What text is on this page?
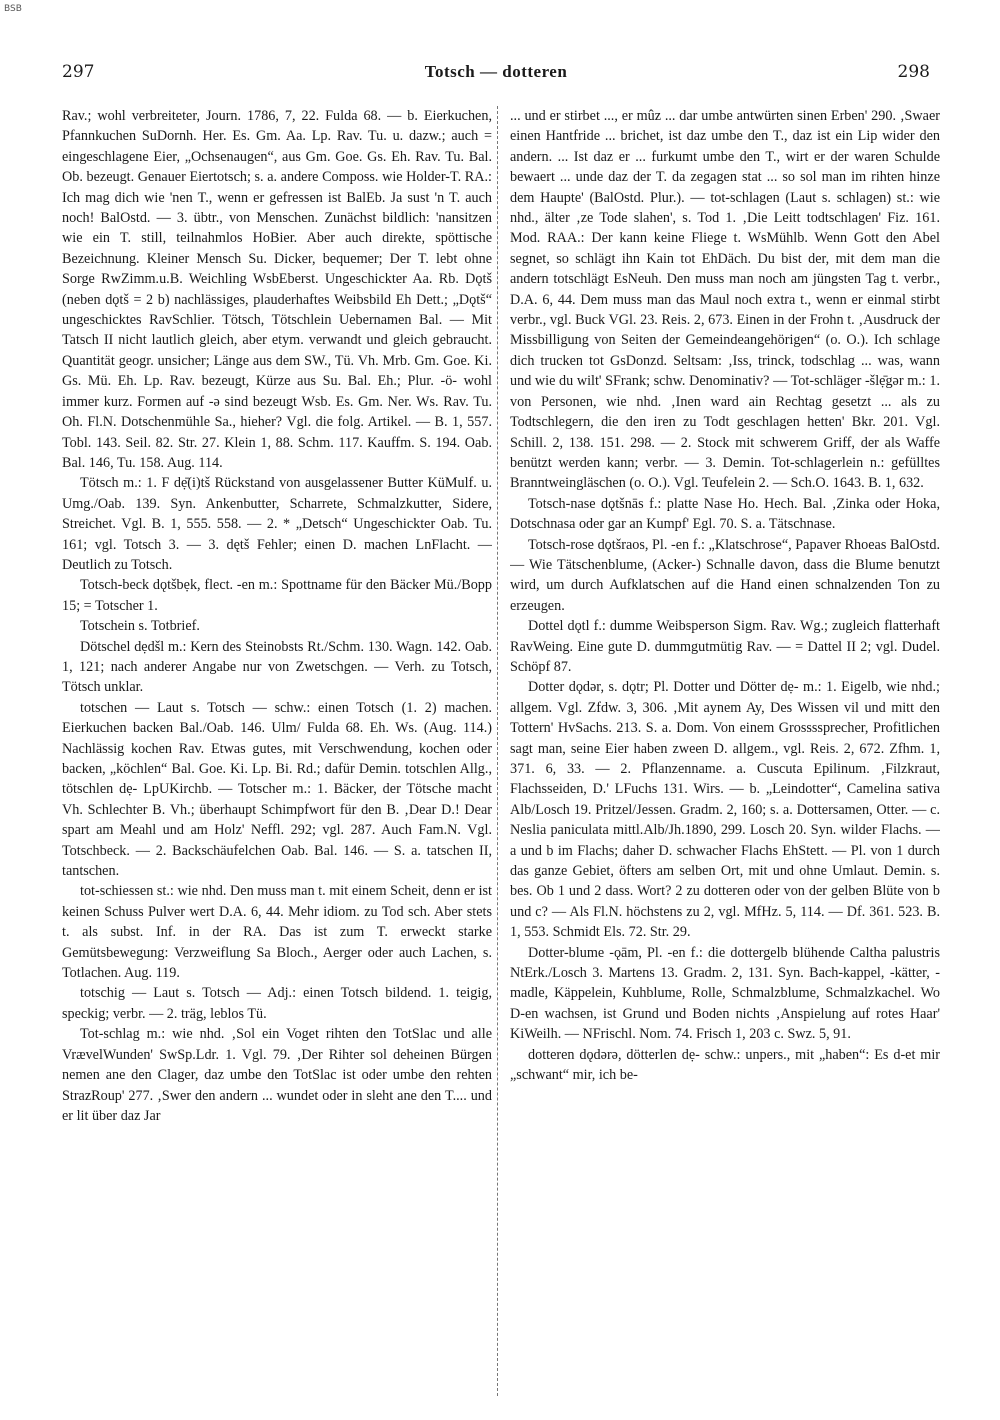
BSB
297	Totsch — dotteren	298

Rav.; wohl verbreiteter, Journ. 1786, 7, 22. Fulda 68. — b. Eierkuchen, Pfannkuchen SuDornh. Her. Es. Gm. Aa. Lp. Rav. Tu. u. dazw.; auch = eingeschlagene Eier, „Ochsenaugen“, aus Gm. Goe. Gs. Eh. Rav. Tu. Bal. Ob. bezeugt. Genauer Eiertotsch; s. a. andere Composs. wie Holder-T. RA.: Ich mag dich wie 'nen T., wenn er gefressen ist BalEb. Ja sust 'n T. auch noch! BalOstd. — 3. übtr., von Menschen. Zunächst bildlich: 'nansitzen wie ein T. still, teilnahmlos HoBier. Aber auch direkte, spöttische Bezeichnung. Kleiner Mensch Su. Dicker, bequemer; Der T. lebt ohne Sorge RwZimm.u.B. Weichling WsbEberst. Ungeschickter Aa. Rb. Dǫtš (neben dǫtš = 2 b) nachlässiges, plauderhaftes Weibsbild Eh Dett.; „Dǫtš“ ungeschicktes RavSchlier. Tötsch, Tötschlein Uebernamen Bal. — Mit Tatsch II nicht lautlich gleich, aber etym. verwandt und gleich gebraucht. Quantität geogr. unsicher; Länge aus dem SW., Tü. Vh. Mrb. Gm. Goe. Ki. Gs. Mü. Eh. Lp. Rav. bezeugt, Kürze aus Su. Bal. Eh.; Plur. -ö- wohl immer kurz. Formen auf -ə sind bezeugt Wsb. Es. Gm. Ner. Ws. Rav. Tu. Oh. Fl.N. Dotschenmühle Sa., hieher? Vgl. die folg. Artikel. — B. 1, 557. Tobl. 143. Seil. 82. Str. 27. Klein 1, 88. Schm. 117. Kauffm. S. 194. Oab. Bal. 146, Tu. 158. Aug. 114.

Tötsch m.: 1. F dẹ̄(i)tš Rückstand von ausgelassener Butter KüMulf. u. Umg./Oab. 139. Syn. Ankenbutter, Scharrete, Schmalzkutter, Sidere, Streichet. Vgl. B. 1, 555. 558. — 2. * „Detsch“ Ungeschickter Oab. Tu. 161; vgl. Totsch 3. — 3. dętš Fehler; einen D. machen LnFlacht. — Deutlich zu Totsch.

Totsch-beck dǫtšbẹk, flect. -en m.: Spottname für den Bäcker Mü./Bopp 15; = Totscher 1.

Totschein s. Totbrief.

Dötschel dẹdšl m.: Kern des Steinobsts Rt./Schm. 130. Wagn. 142. Oab. 1, 121; nach anderer Angabe nur von Zwetschgen. — Verh. zu Totsch, Tötsch unklar.

totschen — Laut s. Totsch — schw.: einen Totsch (1. 2) machen. Eierkuchen backen Bal./Oab. 146. Ulm/ Fulda 68. Eh. Ws. (Aug. 114.) Nachlässig kochen Rav. Etwas gutes, mit Verschwendung, kochen oder backen, „köchlen“ Bal. Goe. Ki. Lp. Bi. Rd.; dafür Demin. totschlen Allg., tötschlen dẹ- LpUKirchb. — Totscher m.: 1. Bäcker, der Tötsche macht Vh. Schlechter B. Vh.; überhaupt Schimpfwort für den B. ‚Dear D.! Dear spart am Meahl und am Holz' Neffl. 292; vgl. 287. Auch Fam.N. Vgl. Totschbeck. — 2. Backschäufelchen Oab. Bal. 146. — S. a. tatschen II, tantschen.

tot-schiessen st.: wie nhd. Den muss man t. mit einem Scheit, denn er ist keinen Schuss Pulver wert D.A. 6, 44. Mehr idiom. zu Tod sch. Aber stets t. als subst. Inf. in der RA. Das ist zum T. erweckt starke Gemütsbewegung: Verzweiflung Sa Bloch., Aerger oder auch Lachen, s. Totlachen. Aug. 119.

totschig — Laut s. Totsch — Adj.: einen Totsch bildend. 1. teigig, speckig; verbr. — 2. träg, leblos Tü.

Tot-schlag m.: wie nhd. ‚Sol ein Voget rihten den TotSlac und alle VrævelWunden' SwSp.Ldr. 1. Vgl. 79. ‚Der Rihter sol deheinen Bürgen nemen ane den Clager, daz umbe den TotSlac ist oder umbe den rehten StrazRoup' 277. ‚Swer den andern ... wundet oder in sleht ane den T.... und er lit über daz Jar

... und er stirbet ..., er mûz ... dar umbe antwürten sinen Erben' 290. ‚Swaer einen Hantfride ... brichet, ist daz umbe den T., daz ist ein Lip wider den andern. ... Ist daz er ... furkumt umbe den T., wirt er der waren Schulde bewaert ... unde daz der T. da zegagen stat ... so sol man im rihten hinze dem Haupte' (BalOstd. Plur.). — tot-schlagen (Laut s. schlagen) st.: wie nhd., älter ‚ze Tode slahen', s. Tod 1. ‚Die Leitt todtschlagen' Fiz. 161. Mod. RAA.: Der kann keine Fliege t. WsMühlb. Wenn Gott den Abel segnet, so schlägt ihn Kain tot EhDäch. Du bist der, mit dem man die andern totschlägt EsNeuh. Den muss man noch am jüngsten Tag t. verbr., D.A. 6, 44. Dem muss man das Maul noch extra t., wenn er einmal stirbt verbr., vgl. Buck VGl. 23. Reis. 2, 673. Einen in der Frohn t. ‚Ausdruck der Missbilligung von Seiten der Gemeindeangehörigen“ (o. O.). Ich schlage dich trucken tot GsDonzd. Seltsam: ‚Iss, trinck, todschlag ... was, wann und wie du wilt' SFrank; schw. Denominativ? — Tot-schläger -šlẹ̄gər m.: 1. von Personen, wie nhd. ‚Inen ward ain Rechtag gesetzt ... als zu Todtschlegern, die den iren zu Todt geschlagen hetten' Bkr. 201. Vgl. Schill. 2, 138. 151. 298. — 2. Stock mit schwerem Griff, der als Waffe benützt werden kann; verbr. — 3. Demin. Tot-schlagerlein n.: gefülltes Branntweingläschen (o. O.). Vgl. Teufelein 2. — Sch.O. 1643. B. 1, 632.

Totsch-nase dǫtšnās f.: platte Nase Ho. Hech. Bal. ‚Zinka oder Hoka, Dotschnasa oder gar an Kumpf' Egl. 70. S. a. Tätschnase.

Totsch-rose dǫtšraos, Pl. -en f.: „Klatschrose“, Papaver Rhoeas BalOstd. — Wie Tätschenblume, (Acker-) Schnalle davon, dass die Blume benutzt wird, um durch Aufklatschen auf die Hand einen schnalzenden Ton zu erzeugen.

Dottel dǫtl f.: dumme Weibsperson Sigm. Rav. Wg.; zugleich flatterhaft RavWeing. Eine gute D. dummgutmütig Rav. — = Dattel II 2; vgl. Dudel. Schöpf 87.

Dotter dǫdər, s. dǫtr; Pl. Dotter und Dötter dẹ- m.: 1. Eigelb, wie nhd.; allgem. Vgl. Zfdw. 3, 306. ‚Mit aynem Ay, Des Wissen vil und mitt den Tottern' HvSachs. 213. S. a. Dom. Von einem Grossssprecher, Profitlichen sagt man, seine Eier haben zween D. allgem., vgl. Reis. 2, 672. Zfhm. 1, 371. 6, 33. — 2. Pflanzenname. a. Cuscuta Epilinum. ‚Filzkraut, Flachsseiden, D.' LFuchs 131. Wirs. — b. „Leindotter“, Camelina sativa Alb/Losch 19. Pritzel/Jessen. Gradm. 2, 160; s. a. Dottersamen, Otter. — c. Neslia paniculata mittl.Alb/Jh.1890, 299. Losch 20. Syn. wilder Flachs. — a und b im Flachs; daher D. schwacher Flachs EhStett. — Pl. von 1 durch das ganze Gebiet, öfters am selben Ort, mit und ohne Umlaut. Demin. s. bes. Ob 1 und 2 dass. Wort? 2 zu dotteren oder von der gelben Blüte von b und c? — Als Fl.N. höchstens zu 2, vgl. MfHz. 5, 114. — Df. 361. 523. B. 1, 553. Schmidt Els. 72. Str. 29.

Dotter-blume -ǫām, Pl. -en f.: die dottergelb blühende Caltha palustris NtErk./Losch 3. Martens 13. Gradm. 2, 131. Syn. Bach-kappel, -kätter, -madle, Käppelein, Kuhblume, Rolle, Schmalzblume, Schmalzkachel. Wo D-en wachsen, ist Grund und Boden nichts ‚Anspielung auf rotes Haar' KiWeilh. — NFrischl. Nom. 74. Frisch 1, 203 c. Swz. 5, 91.

dotteren dǫdərə, dötterlen dẹ- schw.: unpers., mit „haben“: Es d-et mir „schwant“ mir, ich be-
